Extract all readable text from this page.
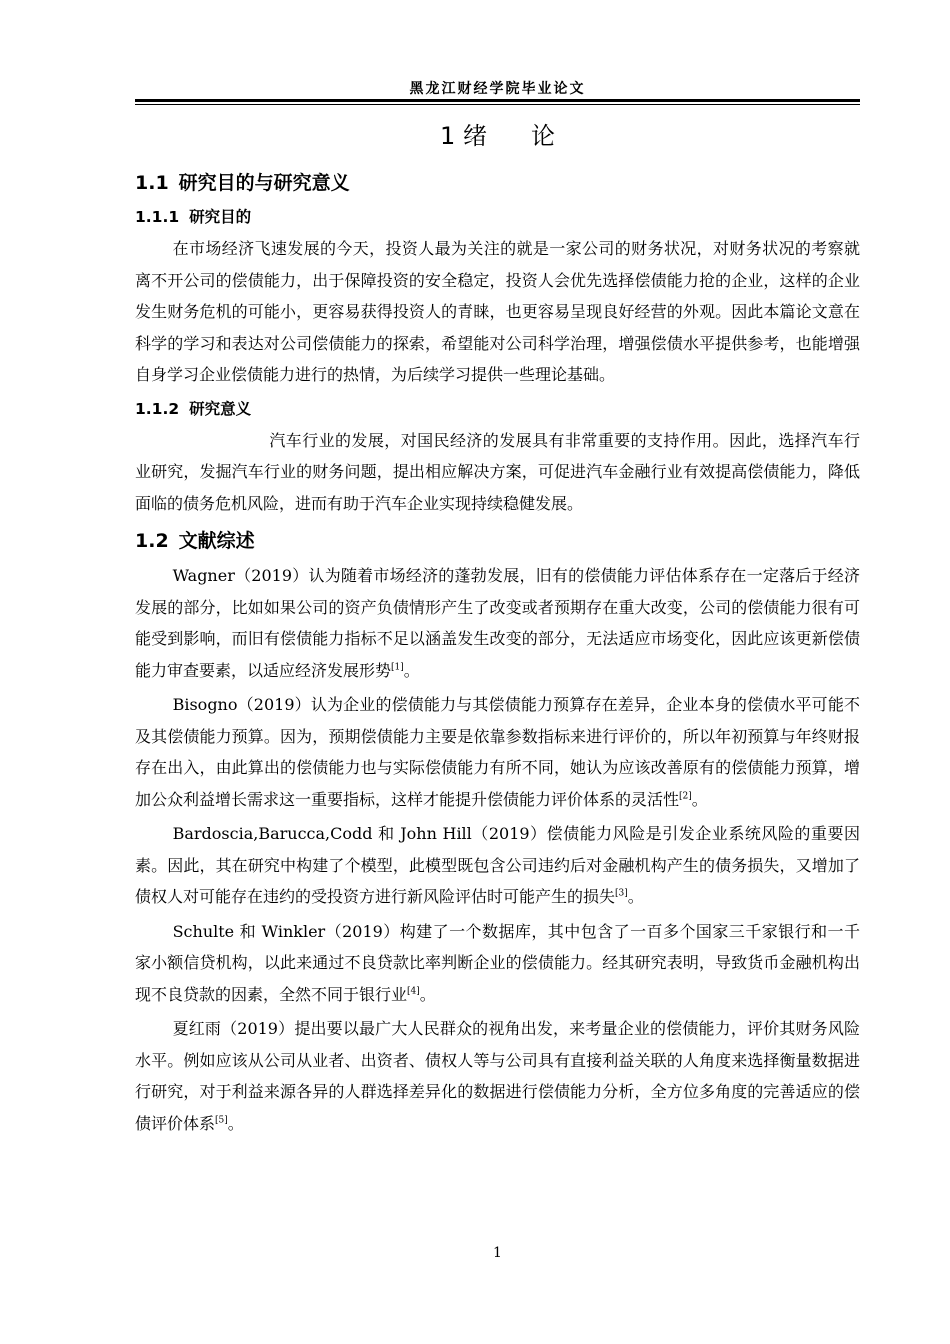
黑龙江财经学院毕业论文
1 绪 论
1.1 研究目的与研究意义
1.1.1 研究目的

在市场经济飞速发展的今天，投资人最为关注的就是一家公司的财务状况，对财务状况的考察就离不开公司的偿债能力，出于保障投资的安全稳定，投资人会优先选择偿债能力抢的企业，这样的企业发生财务危机的可能小，更容易获得投资人的青睐，也更容易呈现良好经营的外观。因此本篇论文意在科学的学习和表达对公司偿债能力的探索，希望能对公司科学治理，增强偿债水平提供参考，也能增强自身学习企业偿债能力进行的热情，为后续学习提供一些理论基础。

1.1.2 研究意义

汽车行业的发展，对国民经济的发展具有非常重要的支持作用。因此，选择汽车行业研究，发掘汽车行业的财务问题，提出相应解决方案，可促进汽车金融行业有效提高偿债能力，降低面临的债务危机风险，进而有助于汽车企业实现持续稳健发展。

1.2 文献综述

Wagner（2019）认为随着市场经济的蓬勃发展，旧有的偿债能力评估体系存在一定落后于经济发展的部分，比如如果公司的资产负债情形产生了改变或者预期存在重大改变，公司的偿债能力很有可能受到影响，而旧有偿债能力指标不足以涵盖发生改变的部分，无法适应市场变化，因此应该更新偿债能力审查要素，以适应经济发展形势[1]。

Bisogno（2019）认为企业的偿债能力与其偿债能力预算存在差异，企业本身的偿债水平可能不及其偿债能力预算。因为，预期偿债能力主要是依靠参数指标来进行评价的，所以年初预算与年终财报存在出入，由此算出的偿债能力也与实际偿债能力有所不同，她认为应该改善原有的偿债能力预算，增加公众利益增长需求这一重要指标，这样才能提升偿债能力评价体系的灵活性[2]。

Bardoscia,Barucca,Codd 和 John Hill（2019）偿债能力风险是引发企业系统风险的重要因素。因此，其在研究中构建了个模型，此模型既包含公司违约后对金融机构产生的债务损失，又增加了债权人对可能存在违约的受投资方进行新风险评估时可能产生的损失[3]。

Schulte 和 Winkler（2019）构建了一个数据库，其中包含了一百多个国家三千家银行和一千家小额信贷机构，以此来通过不良贷款比率判断企业的偿债能力。经其研究表明，导致货币金融机构出现不良贷款的因素，全然不同于银行业[4]。

夏红雨（2019）提出要以最广大人民群众的视角出发，来考量企业的偿债能力，评价其财务风险水平。例如应该从公司从业者、出资者、债权人等与公司具有直接利益关联的人角度来选择衡量数据进行研究，对于利益来源各异的人群选择差异化的数据进行偿债能力分析，全方位多角度的完善适应的偿债评价体系[5]。

1
